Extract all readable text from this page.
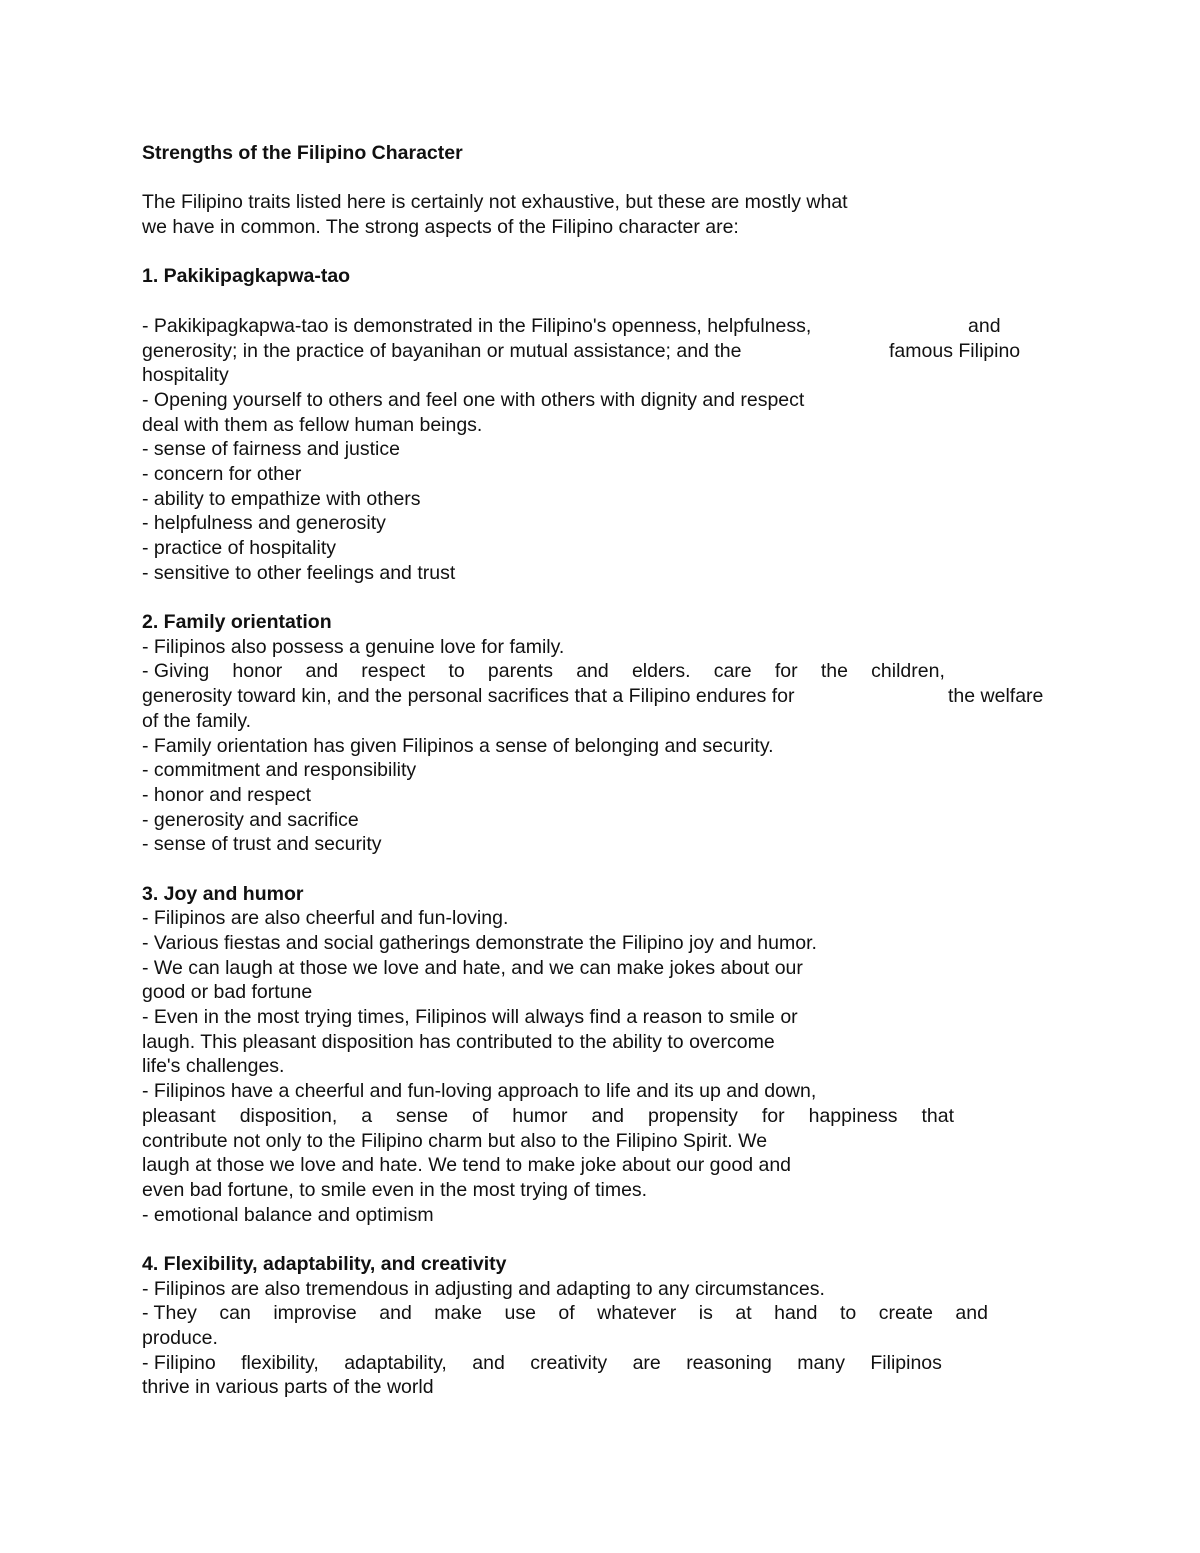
Strengths of the Filipino Character
The Filipino traits listed here is certainly not exhaustive, but these are mostly what
we have in common. The strong aspects of the Filipino character are:
1. Pakikipagkapwa-tao
- Pakikipagkapwa-tao is demonstrated in the Filipino's openness, helpfulness,	and
generosity; in the practice of bayanihan or mutual assistance; and the	famous Filipino
hospitality
- Opening yourself to others and feel one with others with dignity and respect
deal with them as fellow human beings.
- sense of fairness and justice
- concern for other
- ability to empathize with others
- helpfulness and generosity
- practice of hospitality
- sensitive to other feelings and trust
2. Family orientation
- Filipinos also possess a genuine love for family.
- Giving honor and respect to parents and elders. care for the children,
generosity toward kin, and the personal sacrifices that a Filipino endures for	the welfare
of the family.
- Family orientation has given Filipinos a sense of belonging and security.
- commitment and responsibility
- honor and respect
- generosity and sacrifice
- sense of trust and security
3. Joy and humor
- Filipinos are also cheerful and fun-loving.
- Various fiestas and social gatherings demonstrate the Filipino joy and humor.
- We can laugh at those we love and hate, and we can make jokes about our
good or bad fortune
- Even in the most trying times, Filipinos will always find a reason to smile or
laugh. This pleasant disposition has contributed to the ability to overcome
life's challenges.
- Filipinos have a cheerful and fun-loving approach to life and its up and down,
pleasant disposition, a sense of humor and propensity for happiness that
contribute not only to the Filipino charm but also to the Filipino Spirit. We
laugh at those we love and hate. We tend to make joke about our good and
even bad fortune, to smile even in the most trying of times.
- emotional balance and optimism
4. Flexibility, adaptability, and creativity
- Filipinos are also tremendous in adjusting and adapting to any circumstances.
- They can improvise and make use of whatever is at hand to create and
produce.
- Filipino flexibility, adaptability, and creativity are reasoning many Filipinos
thrive in various parts of the world
